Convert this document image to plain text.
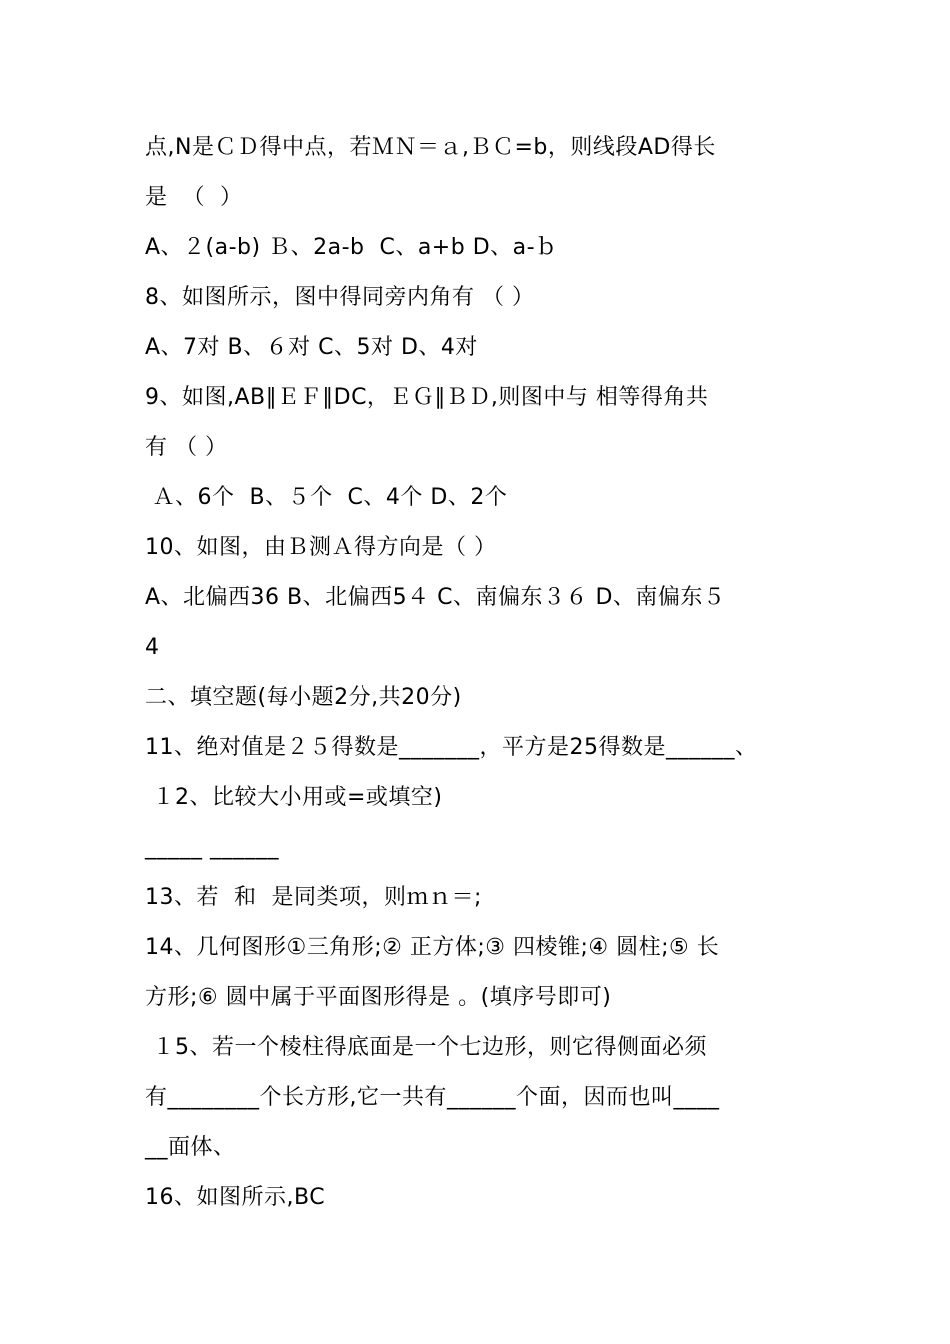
点,N是ＣＤ得中点，若ＭＮ＝ａ,ＢＣ=b，则线段AD得长
是  （  ）
A、２(a-b) Ｂ、2a-b  C、a+b D、a-ｂ
8、如图所示，图中得同旁内角有 （ ）
A、7对 B、６对 C、5对 D、4对
9、如图,AB∥ＥＦ∥DC，ＥＧ∥ＢＤ,则图中与 相等得角共
有 （ ）
Ａ、6个  B、５个  C、4个 D、2个
10、如图，由Ｂ测Ａ得方向是（ ）
A、北偏西36 B、北偏西5４ C、南偏东３６ D、南偏东５
4
二、填空题(每小题2分,共20分)
11、绝对值是２５得数是_______，平方是25得数是______、
１2、比较大小用或=或填空)
_____ ______
13、若  和  是同类项，则ｍｎ＝;
14、几何图形①三角形;② 正方体;③ 四棱锥;④ 圆柱;⑤ 长
方形;⑥ 圆中属于平面图形得是 。(填序号即可)
１5、若一个棱柱得底面是一个七边形，则它得侧面必须
有________个长方形,它一共有______个面，因而也叫____
__面体、
16、如图所示,BC
